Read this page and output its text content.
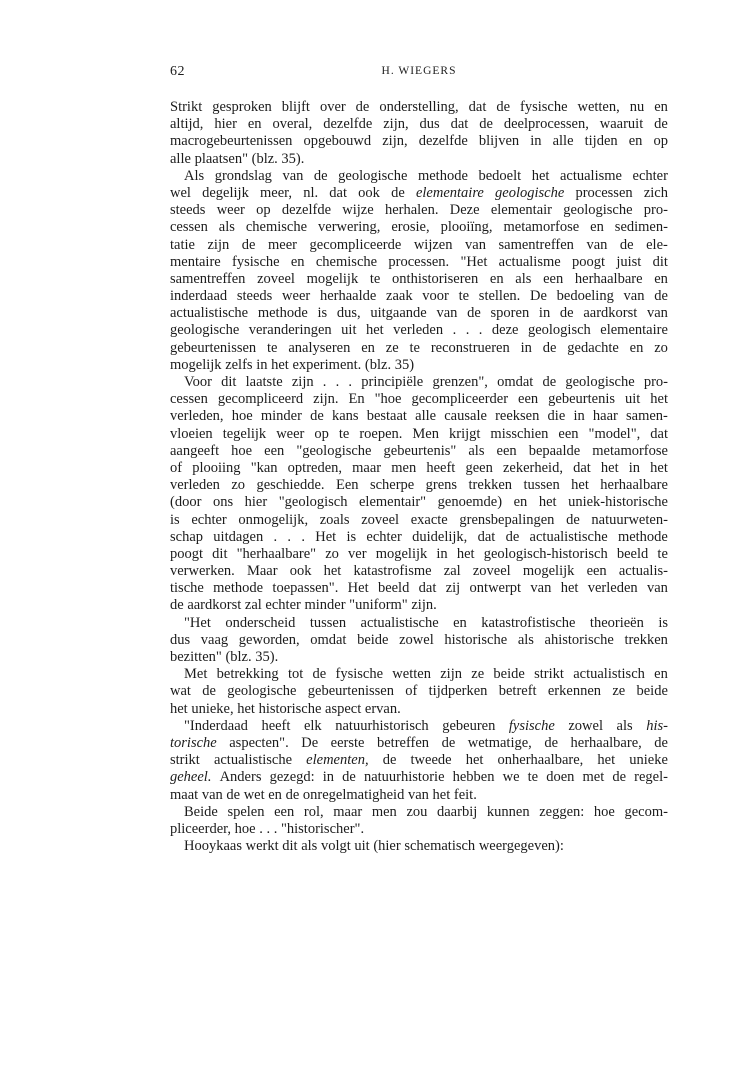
62	H. WIEGERS
Strikt gesproken blijft over de onderstelling, dat de fysische wetten, nu en
altijd, hier en overal, dezelfde zijn, dus dat de deelprocessen, waaruit de
macrogebeurtenissen opgebouwd zijn, dezelfde blijven in alle tijden en op
alle plaatsen" (blz. 35).
Als grondslag van de geologische methode bedoelt het actualisme echter
wel degelijk meer, nl. dat ook de elementaire geologische processen zich
steeds weer op dezelfde wijze herhalen. Deze elementair geologische pro-
cessen als chemische verwering, erosie, plooiïng, metamorfose en sedimen-
tatie zijn de meer gecompliceerde wijzen van samentreffen van de ele-
mentaire fysische en chemische processen. "Het actualisme poogt juist dit
samentreffen zoveel mogelijk te onthistoriseren en als een herhaalbare en
inderdaad steeds weer herhaalde zaak voor te stellen. De bedoeling van de
actualistische methode is dus, uitgaande van de sporen in de aardkorst van
geologische veranderingen uit het verleden . . . deze geologisch elementaire
gebeurtenissen te analyseren en ze te reconstrueren in de gedachte en zo
mogelijk zelfs in het experiment. (blz. 35)
Voor dit laatste zijn . . . principiële grenzen", omdat de geologische pro-
cessen gecompliceerd zijn. En "hoe gecompliceerder een gebeurtenis uit het
verleden, hoe minder de kans bestaat alle causale reeksen die in haar samen-
vloeien tegelijk weer op te roepen. Men krijgt misschien een "model", dat
aangeeft hoe een "geologische gebeurtenis" als een bepaalde metamorfose
of plooiing "kan optreden, maar men heeft geen zekerheid, dat het in het
verleden zo geschiedde. Een scherpe grens trekken tussen het herhaalbare
(door ons hier "geologisch elementair" genoemde) en het uniek-historische
is echter onmogelijk, zoals zoveel exacte grensbepalingen de natuurweten-
schap uitdagen . . . Het is echter duidelijk, dat de actualistische methode
poogt dit "herhaalbare" zo ver mogelijk in het geologisch-historisch beeld te
verwerken. Maar ook het katastrofisme zal zoveel mogelijk een actualis-
tische methode toepassen". Het beeld dat zij ontwerpt van het verleden van
de aardkorst zal echter minder "uniform" zijn.
"Het onderscheid tussen actualistische en katastrofistische theorieën is
dus vaag geworden, omdat beide zowel historische als ahistorische trekken
bezitten" (blz. 35).
Met betrekking tot de fysische wetten zijn ze beide strikt actualistisch en
wat de geologische gebeurtenissen of tijdperken betreft erkennen ze beide
het unieke, het historische aspect ervan.
"Inderdaad heeft elk natuurhistorisch gebeuren fysische zowel als his-
torische aspecten". De eerste betreffen de wetmatige, de herhaalbare, de
strikt actualistische elementen, de tweede het onherhaalbare, het unieke
geheel. Anders gezegd: in de natuurhistorie hebben we te doen met de regel-
maat van de wet en de onregelmatigheid van het feit.
Beide spelen een rol, maar men zou daarbij kunnen zeggen: hoe gecom-
pliceerder, hoe . . . "historischer".
Hooykaas werkt dit als volgt uit (hier schematisch weergegeven):
